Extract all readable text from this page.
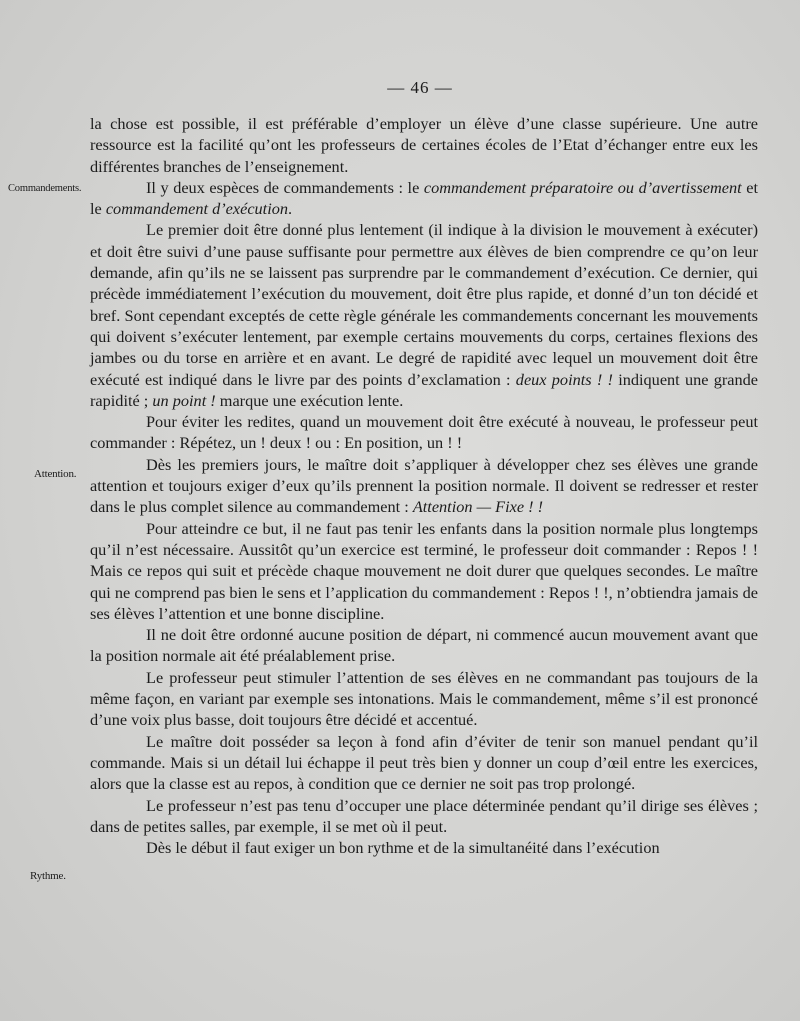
— 46 —
Commandements.
Attention.
Rythme.

la chose est possible, il est préférable d’employer un élève d’une classe supérieure. Une autre ressource est la facilité qu’ont les professeurs de certaines écoles de l’Etat d’échanger entre eux les différentes branches de l’enseignement.

Il y deux espèces de commandements : le commandement préparatoire ou d’avertissement et le commandement d’exécution.

Le premier doit être donné plus lentement (il indique à la division le mouvement à exécuter) et doit être suivi d’une pause suffisante pour permettre aux élèves de bien comprendre ce qu’on leur demande, afin qu’ils ne se laissent pas surprendre par le commandement d’exécution. Ce dernier, qui précède immédiatement l’exécution du mouvement, doit être plus rapide, et donné d’un ton décidé et bref. Sont cependant exceptés de cette règle générale les commandements concernant les mouvements qui doivent s’exécuter lentement, par exemple certains mouvements du corps, certaines flexions des jambes ou du torse en arrière et en avant. Le degré de rapidité avec lequel un mouvement doit être exécuté est indiqué dans le livre par des points d’exclamation : deux points ! ! indiquent une grande rapidité ; un point ! marque une exécution lente.

Pour éviter les redites, quand un mouvement doit être exécuté à nouveau, le professeur peut commander : Répétez, un ! deux ! ou : En position, un ! !

Dès les premiers jours, le maître doit s’appliquer à développer chez ses élèves une grande attention et toujours exiger d’eux qu’ils prennent la position normale. Il doivent se redresser et rester dans le plus complet silence au commandement : Attention — Fixe ! !

Pour atteindre ce but, il ne faut pas tenir les enfants dans la position normale plus longtemps qu’il n’est nécessaire. Aussitôt qu’un exercice est terminé, le professeur doit commander : Repos ! ! Mais ce repos qui suit et précède chaque mouvement ne doit durer que quelques secondes. Le maître qui ne comprend pas bien le sens et l’application du commandement : Repos ! !, n’obtiendra jamais de ses élèves l’attention et une bonne discipline.

Il ne doit être ordonné aucune position de départ, ni commencé aucun mouvement avant que la position normale ait été préalablement prise.

Le professeur peut stimuler l’attention de ses élèves en ne commandant pas toujours de la même façon, en variant par exemple ses intonations. Mais le commandement, même s’il est prononcé d’une voix plus basse, doit toujours être décidé et accentué.

Le maître doit posséder sa leçon à fond afin d’éviter de tenir son manuel pendant qu’il commande. Mais si un détail lui échappe il peut très bien y donner un coup d’œil entre les exercices, alors que la classe est au repos, à condition que ce dernier ne soit pas trop prolongé.

Le professeur n’est pas tenu d’occuper une place déterminée pendant qu’il dirige ses élèves ; dans de petites salles, par exemple, il se met où il peut.

Dès le début il faut exiger un bon rythme et de la simultanéité dans l’exécution
